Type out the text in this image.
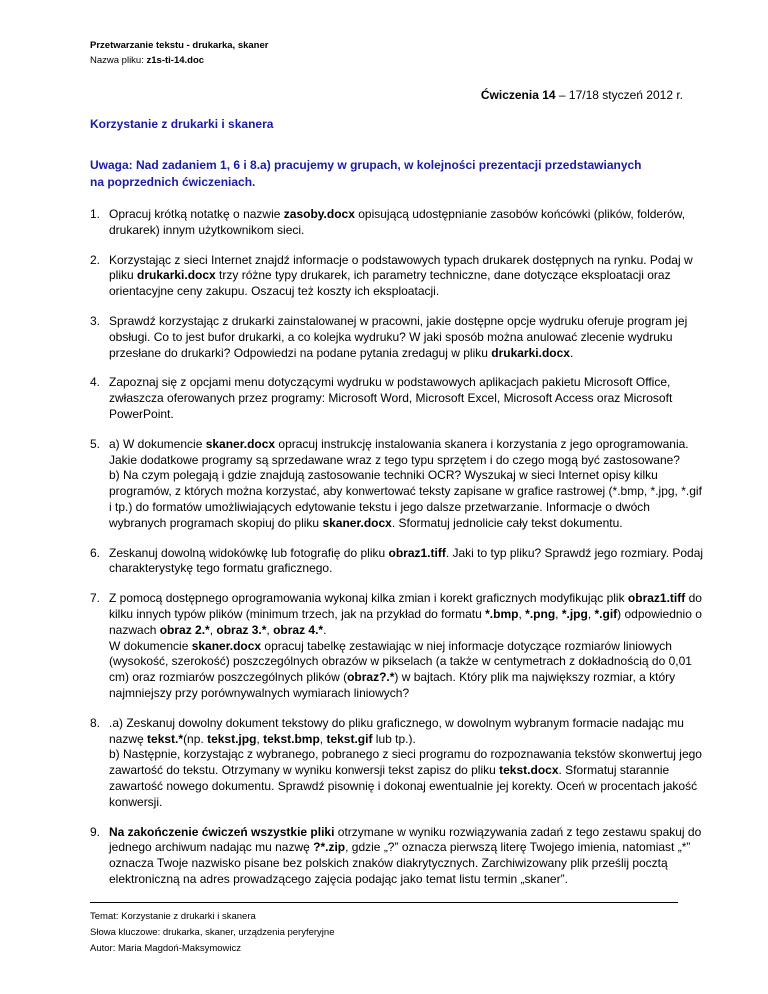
Przetwarzanie tekstu - drukarka, skaner
Nazwa pliku: z1s-ti-14.doc
Ćwiczenia 14 – 17/18 styczeń 2012 r.
Korzystanie z drukarki i skanera
Uwaga: Nad zadaniem 1, 6 i 8.a) pracujemy w grupach, w kolejności prezentacji przedstawianych na poprzednich ćwiczeniach.
1. Opracuj krótką notatkę o nazwie zasoby.docx opisującą udostępnianie zasobów końcówki (plików, folderów, drukarek) innym użytkownikom sieci.

2. Korzystając z sieci Internet znajdź informacje o podstawowych typach drukarek dostępnych na rynku. Podaj w pliku drukarki.docx trzy różne typy drukarek, ich parametry techniczne, dane dotyczące eksploatacji oraz orientacyjne ceny zakupu. Oszacuj też koszty ich eksploatacji.

3. Sprawdź korzystając z drukarki zainstalowanej w pracowni, jakie dostępne opcje wydruku oferuje program jej obsługi. Co to jest bufor drukarki, a co kolejka wydruku? W jaki sposób można anulować zlecenie wydruku przesłane do drukarki? Odpowiedzi na podane pytania zredaguj w pliku drukarki.docx.

4. Zapoznaj się z opcjami menu dotyczącymi wydruku w podstawowych aplikacjach pakietu Microsoft Office, zwłaszcza oferowanych przez programy: Microsoft Word, Microsoft Excel, Microsoft Access oraz Microsoft PowerPoint.

5. a) W dokumencie skaner.docx opracuj instrukcję instalowania skanera i korzystania z jego oprogramowania. Jakie dodatkowe programy są sprzedawane wraz z tego typu sprzętem i do czego mogą być zastosowane?

b) Na czym polegają i gdzie znajdują zastosowanie techniki OCR? Wyszukaj w sieci Internet opisy kilku programów, z których można korzystać, aby konwertować teksty zapisane w grafice rastrowej (*.bmp, *.jpg, *.gif i tp.) do formatów umożliwiających edytowanie tekstu i jego dalsze przetwarzanie. Informacje o dwóch wybranych programach skopiuj do pliku skaner.docx. Sformatuj jednolicie cały tekst dokumentu.

6. Zeskanuj dowolną widokówkę lub fotografię do pliku obraz1.tiff. Jaki to typ pliku? Sprawdź jego rozmiary. Podaj charakterystykę tego formatu graficznego.

7. Z pomocą dostępnego oprogramowania wykonaj kilka zmian i korekt graficznych modyfikując plik obraz1.tiff do kilku innych typów plików (minimum trzech, jak na przykład do formatu *.bmp, *.png, *.jpg, *.gif) odpowiednio o nazwach obraz 2.*, obraz 3.*, obraz 4.*.

W dokumencie skaner.docx opracuj tabelkę zestawiając w niej informacje dotyczące rozmiarów liniowych (wysokość, szerokość) poszczególnych obrazów w pikselach (a także w centymetrach z dokładnością do 0,01 cm) oraz rozmiarów poszczególnych plików (obraz?.*) w bajtach. Który plik ma największy rozmiar, a który najmniejszy przy porównywalnych wymiarach liniowych?

8. .a) Zeskanuj dowolny dokument tekstowy do pliku graficznego, w dowolnym wybranym formacie nadając mu nazwę tekst.*(np. tekst.jpg, tekst.bmp, tekst.gif lub tp.).

b) Następnie, korzystając z wybranego, pobranego z sieci programu do rozpoznawania tekstów skonwertuj jego zawartość do tekstu. Otrzymany w wyniku konwersji tekst zapisz do pliku tekst.docx. Sformatuj starannie zawartość nowego dokumentu. Sprawdź pisownię i dokonaj ewentualnie jej korekty. Oceń w procentach jakość konwersji.

9. Na zakończenie ćwiczeń wszystkie pliki otrzymane w wyniku rozwiązywania zadań z tego zestawu spakuj do jednego archiwum nadając mu nazwę ?*.zip, gdzie „?” oznacza pierwszą literę Twojego imienia, natomiast „*” oznacza Twoje nazwisko pisane bez polskich znaków diakrytycznych. Zarchiwizowany plik prześlij pocztą elektroniczną na adres prowadzącego zajęcia podając jako temat listu termin „skaner”.

Temat: Korzystanie z drukarki i skanera
Słowa kluczowe: drukarka, skaner, urządzenia peryferyjne
Autor: Maria Magdoń-Maksymowicz
